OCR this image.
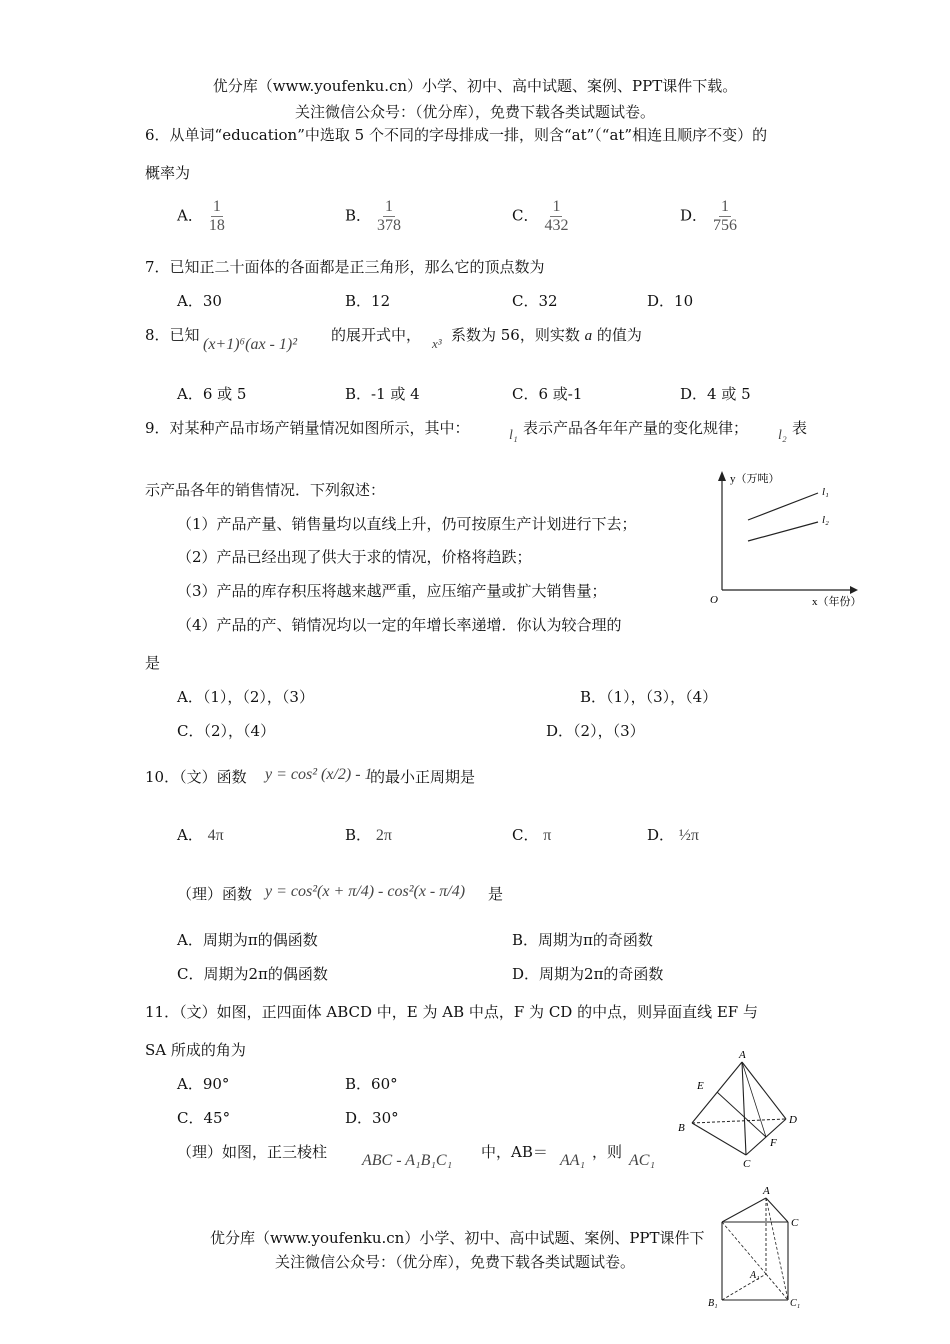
优分库（www.youfenku.cn）小学、初中、高中试题、案例、PPT课件下载。
关注微信公众号：（优分库），免费下载各类试题试卷。
6．从单词“education”中选取 5 个不同的字母排成一排，则含“at”（“at”相连且顺序不变）的
概率为
A． $\frac{1}{18}$	B． $\frac{1}{378}$	C． $\frac{1}{432}$	D． $\frac{1}{756}$
7．已知正二十面体的各面都是正三角形，那么它的顶点数为
A．30	B．12	C．32	D．10
8．已知
(x+1)⁶(ax - 1)²
的展开式中， x³ 系数为 56，则实数 a 的值为
A．6 或 5	B．-1 或 4	C．6 或-1	D．4 或 5
9．对某种产品市场产销量情况如图所示，其中：	l₁ 表示产品各年年产量的变化规律； l₂ 表
示产品各年的销售情况．下列叙述：
（1）产品产量、销售量均以直线上升，仍可按原生产计划进行下去；
（2）产品已经出现了供大于求的情况，价格将趋跌；
（3）产品的库存积压将越来越严重，应压缩产量或扩大销售量；
（4）产品的产、销情况均以一定的年增长率递增．你认为较合理的
是
A．（1），（2），（3）	B．（1），（3），（4）
C．（2），（4）	D．（2），（3）
y（万吨）
x（年份）
O
l₁
l₂
10．（文）函数 y = cos² (x/2) - 1
的最小正周期是
A． 4π	B． 2π	C． π	D． ½π
（理）函数 y = cos²(x + π/4) - cos²(x - π/4) 是
A．周期为π的偶函数	B．周期为π的奇函数
C．周期为2π的偶函数	D．周期为2π的奇函数
11．（文）如图，正四面体 ABCD 中，E 为 AB 中点，F 为 CD 的中点，则异面直线 EF 与
SA 所成的角为
A．90°	B．60°
C．45°	D．30°
（理）如图，正三棱柱 ABC - A₁B₁C₁ 中，AB＝ AA₁ ，则 AC₁
A
E
B
D
F
C
A
C
A₁
B₁	C₁
优分库（www.youfenku.cn）小学、初中、高中试题、案例、PPT课件下
关注微信公众号：（优分库），免费下载各类试题试卷。
